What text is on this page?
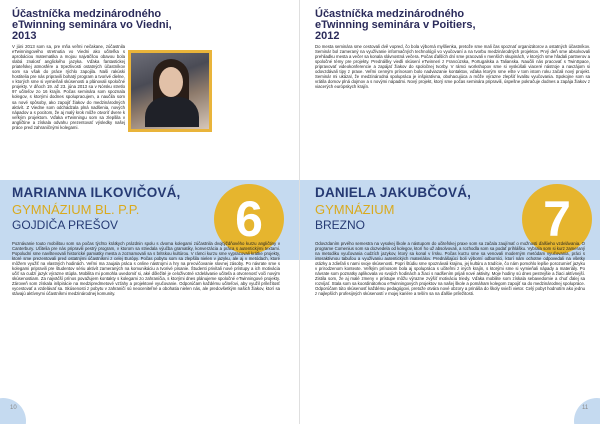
Účastníčka medzinárodného eTwinning seminára vo Viedni, 2013

V júni 2013 som sa, pre mňa veľmi nečakane, zúčastnila eTwinningového stretnutia vo Viedni ako učiteľka s aprobáciou matematika a mojou najväčšou obavou bola slabá znalosť anglického jazyka. Vďaka fantastickej priateľskej atmosfére a trpezlivosti ostatných účastníkov som sa však do práce rýchlo zapojila. Naši rakúski hostitelia pre nás pripravili bohatý program a tvorivé dielne, v ktorých sme si vymieňali skúsenosti a plánovali spoločné projekty. V dňoch 19. až 23. júna 2013 sa v Nórsku stretlo 97 učiteľov zo 16 krajín. Počas seminára som spoznala kolegov, s ktorými dodnes spolupracujem, a naučila som sa nové spôsoby, ako zapojiť žiakov do medzinárodných aktivít. Z Viedne som odchádzala plná nadšenia, nových nápadov a s pocitom, že aj malý krok môže otvoriť dvere k veľkým projektom. Vďaka eTwinningu som sa zlepšila v angličtine a získala odvahu prezentovať výsledky našej práce pred zahraničnými kolegami.

MARIANNA ILKOVIČOVÁ,
GYMNÁZIUM BL. P.P.
GOJDIČA PREŠOV	6

Poznávanie touto mobilitou som sa počas týchto krátkych prázdnin spolu s dvoma kolegami zúčastnila dvojtýždňového kurzu angličtiny v Canterbury. Učitelia pre nás pripravili pestrý program, v ktorom sa striedala výučba gramatiky, konverzácia a práca s autentickými textami. Popoludní sme navštevovali historické pamiatky mesta a zoznamovali sa s britskou kultúrou. V rámci kurzu sme vypracovali krátke projekty, ktoré sme prezentovali pred ostatnými účastníkmi z celej Európy. Počas pobytu som sa zlepšila nielen v jazyku, ale aj v metódach, ktoré môžem využiť na vlastných hodinách. Veľmi ma zaujala práca s online nástrojmi a hry na precvičovanie slovnej zásoby. Po návrate sme s kolegami pripravili pre študentov sériu aktivít zameraných na komunikáciu a tvorivé písanie. Študenti privítali nové prístupy a ich motivácia učiť sa cudzí jazyk výrazne stúpla. Mobilita mi pomohla uvedomiť si, aké dôležité je celoživotné vzdelávanie učiteľa a otvorenosť voči novým skúsenostiam. Za najväčší prínos považujem kontakty s kolegami zo zahraničia, s ktorými dnes plánujeme spoločné eTwinningové projekty. Zároveň som získala inšpirácie na medzipredmetové vzťahy a projektové vyučovanie. Odporúčam každému učiteľovi, aby využil príležitosť vycestovať a vzdelávať sa. Skúsenosti z pobytu v zahraničí sú neoceniteľné a obohatia nielen nás, ale predovšetkým našich žiakov, ktorí sa stávajú aktívnymi účastníkmi medzinárodnej komunity.

10
Účastníčka medzinárodného eTwinning seminára v Poitiers, 2012

Do mesta seminára sme cestovali dvě vopred, čo bola výborná myšlienka, pretože sme mali čas spoznať organizátorov a ostatných účastníkov. Seminár bol zameraný na využívanie informačných technológií vo vyučovaní a na tvorbu medzinárodných projektov. Prvý deň sme absolvovali prehliadku mesta a večer sa konala slávnostná večera. Počas ďalších dní sme pracovali v menších skupinách, v ktorých sme hľadali partnerov a spoločné témy pre projekty. Prednášky viedli skúsení eTwinneri z Francúzska, Portugalska a Talianska. Naučili nás pracovať s TwinSpace, pripravovať videokonferencie a zapájať žiakov do spoločnej tvorby. V rámci workshopov sme si vyskúšali viaceré nástroje a navzájom si odovzdávali tipy z praxe. Veľmi cenným prínosom bolo nadviazanie kontaktov, vďaka ktorým sme ešte v tom istom roku začali nový projekt. Seminár mi ukázal, že medzinárodná spolupráca je inšpiratívna, obohacujúca a môže výrazne zlepšiť kvalitu vyučovania. Spokojne som sa vrátila domov plná dojmov a s novými nápadmi. Nový projekt, ktorý sme počas seminára pripravili, úspešne pokračuje dodnes a zapája žiakov z viacerých európskych krajín.

DANIELA JAKUBČOVÁ,
GYMNÁZIUM
BREZNO	7

Odovzdaním prvého semestra na vysokej škole a nástupom do učiteľskej praxe som sa začala zaujímať o možnosti ďalšieho vzdelávania. O programe Comenius som sa dozvedela od kolegov, ktorí ho už absolvovali, a rozhodla som sa podať prihlášku. Vybrala som si kurz zameraný na metodiku vyučovania cudzích jazykov, ktorý sa konal v Írsku. Počas kurzu sme sa venovali moderným metódam vyučovania, práci s interaktívnou tabuľou a využívaniu autentických materiálov. Prednášajúci boli výborní odborníci, ktorí nám ochotne odpovedali na všetky otázky a zdieľali s nami svoje skúsenosti. Popri štúdiu sme spoznávali krajinu, jej kultúru a tradície, čo nám pomohlo lepšie porozumieť jazyku v prirodzenom kontexte. Veľkým prínosom bola aj spolupráca s učiteľmi z iných krajín, s ktorými sme si vymieňali nápady a materiály. Po návrate som poznatky aplikovala vo svojich hodinách a žiaci s nadšením prijali nové aktivity. Moje hodiny sú dnes pestrejšie a žiaci aktívnejší. Zistila som, že aj malé zmeny v prístupe môžu výrazne zvýšiť motiváciu triedy. Vďaka mobilite som získala sebavedomie a chuť ďalej sa rozvíjať. Stala som sa koordinátorkou eTwinningových projektov na našej škole a pomáham kolegom zapojiť sa do medzinárodnej spolupráce. Odporúčam túto skúsenosť každému pedagógovi, pretože otvára nové obzory a prináša do školy svieži vietor. Celý pobyt hodnotím ako jednu z najlepších profesijných skúseností v mojej kariére a teším sa na ďalšie príležitosti.

11
